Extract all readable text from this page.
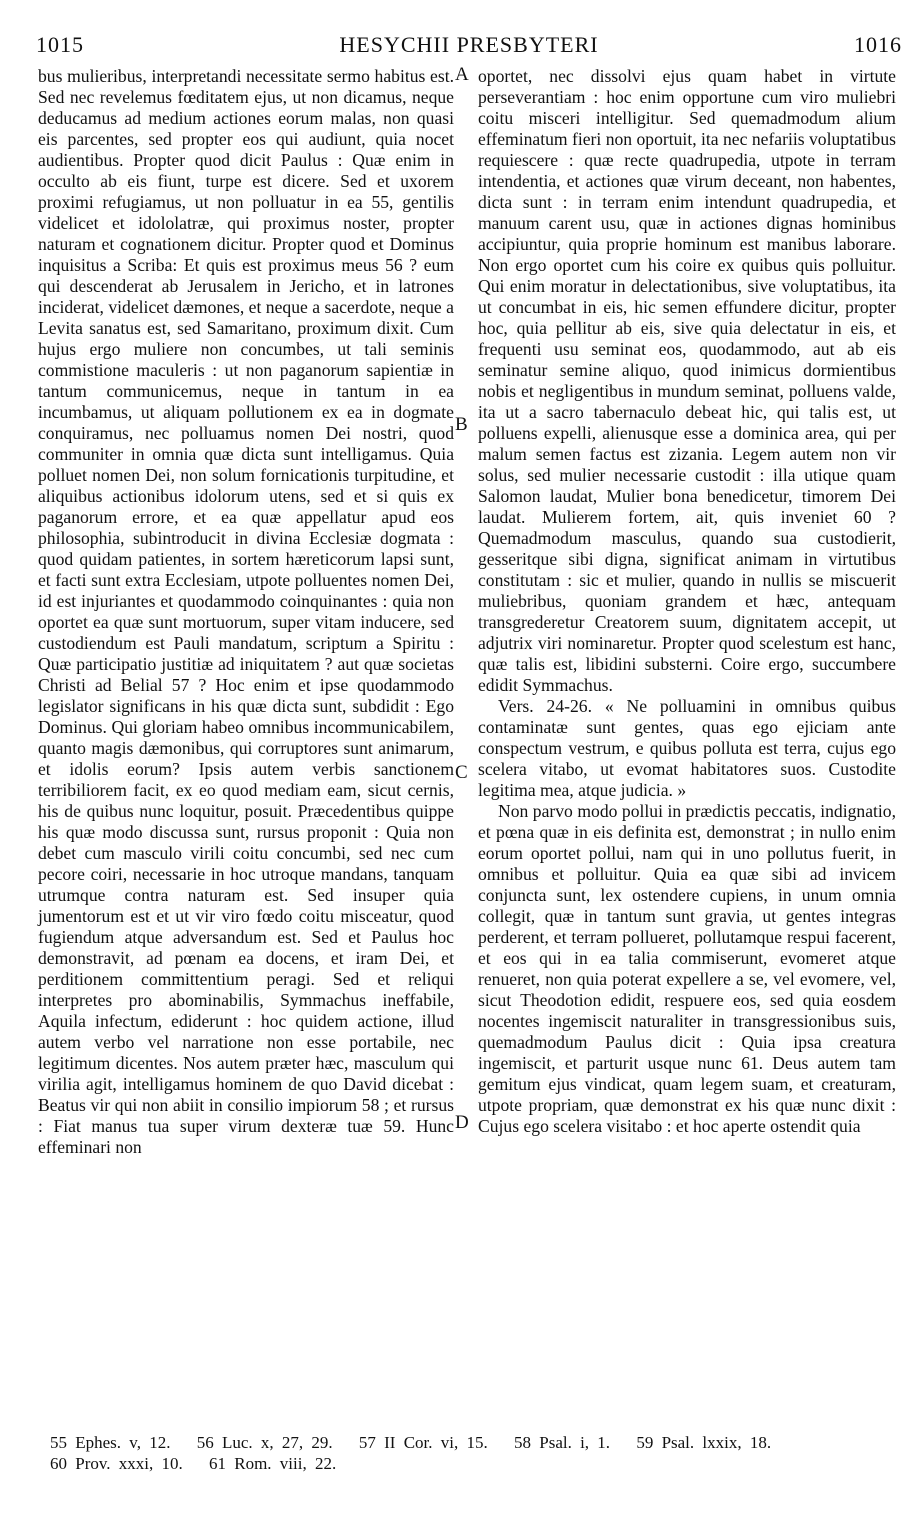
1015	HESYCHII PRESBYTERI	1016

bus mulieribus, interpretandi necessitate sermo habitus est. Sed nec revelemus fœditatem ejus, ut non dicamus, neque deducamus ad medium actiones eorum malas, non quasi eis parcentes, sed propter eos qui audiunt, quia nocet audientibus. Propter quod dicit Paulus : Quæ enim in occulto ab eis fiunt, turpe est dicere. Sed et uxorem proximi refugiamus, ut non polluatur in ea 55, gentilis videlicet et idololatræ, qui proximus noster, propter naturam et cognationem dicitur. Propter quod et Dominus inquisitus a Scriba: Et quis est proximus meus 56 ? eum qui descenderat ab Jerusalem in Jericho, et in latrones inciderat, videlicet dæmones, et neque a sacerdote, neque a Levita sanatus est, sed Samaritano, proximum dixit. Cum hujus ergo muliere non concumbes, ut tali seminis commistione maculeris : ut non paganorum sapientiæ in tantum communicemus, neque in tantum in ea incumbamus, ut aliquam pollutionem ex ea in dogmate conquiramus, nec polluamus nomen Dei nostri, quod communiter in omnia quæ dicta sunt intelligamus. Quia polluet nomen Dei, non solum fornicationis turpitudine, et aliquibus actionibus idolorum utens, sed et si quis ex paganorum errore, et ea quæ appellatur apud eos philosophia, subintroducit in divina Ecclesiæ dogmata : quod quidam patientes, in sortem hæreticorum lapsi sunt, et facti sunt extra Ecclesiam, utpote polluentes nomen Dei, id est injuriantes et quodammodo coinquinantes : quia non oportet ea quæ sunt mortuorum, super vitam inducere, sed custodiendum est Pauli mandatum, scriptum a Spiritu : Quæ participatio justitiæ ad iniquitatem ? aut quæ societas Christi ad Belial 57 ? Hoc enim et ipse quodammodo legislator significans in his quæ dicta sunt, subdidit : Ego Dominus. Qui gloriam habeo omnibus incommunicabilem, quanto magis dæmonibus, qui corruptores sunt animarum, et idolis eorum? Ipsis autem verbis sanctionem terribiliorem facit, ex eo quod mediam eam, sicut cernis, his de quibus nunc loquitur, posuit. Præcedentibus quippe his quæ modo discussa sunt, rursus proponit : Quia non debet cum masculo virili coitu concumbi, sed nec cum pecore coiri, necessarie in hoc utroque mandans, tanquam utrumque contra naturam est. Sed insuper quia jumentorum est et ut vir viro fœdo coitu misceatur, quod fugiendum atque adversandum est. Sed et Paulus hoc demonstravit, ad pœnam ea docens, et iram Dei, et perditionem committentium peragi. Sed et reliqui interpretes pro abominabilis, Symmachus ineffabile, Aquila infectum, ediderunt : hoc quidem actione, illud autem verbo vel narratione non esse portabile, nec legitimum dicentes. Nos autem præter hæc, masculum qui virilia agit, intelligamus hominem de quo David dicebat : Beatus vir qui non abiit in consilio impiorum 58 ; et rursus : Fiat manus tua super virum dexteræ tuæ 59. Hunc effeminari non

A
B
C
D

oportet, nec dissolvi ejus quam habet in virtute perseverantiam : hoc enim opportune cum viro muliebri coitu misceri intelligitur. Sed quemadmodum alium effeminatum fieri non oportuit, ita nec nefariis voluptatibus requiescere : quæ recte quadrupedia, utpote in terram intendentia, et actiones quæ virum deceant, non habentes, dicta sunt : in terram enim intendunt quadrupedia, et manuum carent usu, quæ in actiones dignas hominibus accipiuntur, quia proprie hominum est manibus laborare. Non ergo oportet cum his coire ex quibus quis polluitur. Qui enim moratur in delectationibus, sive voluptatibus, ita ut concumbat in eis, hic semen effundere dicitur, propter hoc, quia pellitur ab eis, sive quia delectatur in eis, et frequenti usu seminat eos, quodammodo, aut ab eis seminatur semine aliquo, quod inimicus dormientibus nobis et negligentibus in mundum seminat, polluens valde, ita ut a sacro tabernaculo debeat hic, qui talis est, ut polluens expelli, alienusque esse a dominica area, qui per malum semen factus est zizania. Legem autem non vir solus, sed mulier necessarie custodit : illa utique quam Salomon laudat, Mulier bona benedicetur, timorem Dei laudat. Mulierem fortem, ait, quis inveniet 60 ? Quemadmodum masculus, quando sua custodierit, gesseritque sibi digna, significat animam in virtutibus constitutam : sic et mulier, quando in nullis se miscuerit muliebribus, quoniam grandem et hæc, antequam transgrederetur Creatorem suum, dignitatem accepit, ut adjutrix viri nominaretur. Propter quod scelestum est hanc, quæ talis est, libidini substerni. Coire ergo, succumbere edidit Symmachus.

Vers. 24-26. « Ne polluamini in omnibus quibus contaminatæ sunt gentes, quas ego ejiciam ante conspectum vestrum, e quibus polluta est terra, cujus ego scelera vitabo, ut evomat habitatores suos. Custodite legitima mea, atque judicia. »

Non parvo modo pollui in prædictis peccatis, indignatio, et pœna quæ in eis definita est, demonstrat ; in nullo enim eorum oportet pollui, nam qui in uno pollutus fuerit, in omnibus et polluitur. Quia ea quæ sibi ad invicem conjuncta sunt, lex ostendere cupiens, in unum omnia collegit, quæ in tantum sunt gravia, ut gentes integras perderent, et terram pollueret, pollutamque respui facerent, et eos qui in ea talia commiserunt, evomeret atque renueret, non quia poterat expellere a se, vel evomere, vel, sicut Theodotion edidit, respuere eos, sed quia eosdem nocentes ingemiscit naturaliter in transgressionibus suis, quemadmodum Paulus dicit : Quia ipsa creatura ingemiscit, et parturit usque nunc 61. Deus autem tam gemitum ejus vindicat, quam legem suam, et creaturam, utpote propriam, quæ demonstrat ex his quæ nunc dixit : Cujus ego scelera visitabo : et hoc aperte ostendit quia

55 Ephes. v, 12. 56 Luc. x, 27, 29. 57 II Cor. vi, 15. 58 Psal. i, 1. 59 Psal. lxxix, 18. 60 Prov. xxxi, 10. 61 Rom. viii, 22.
